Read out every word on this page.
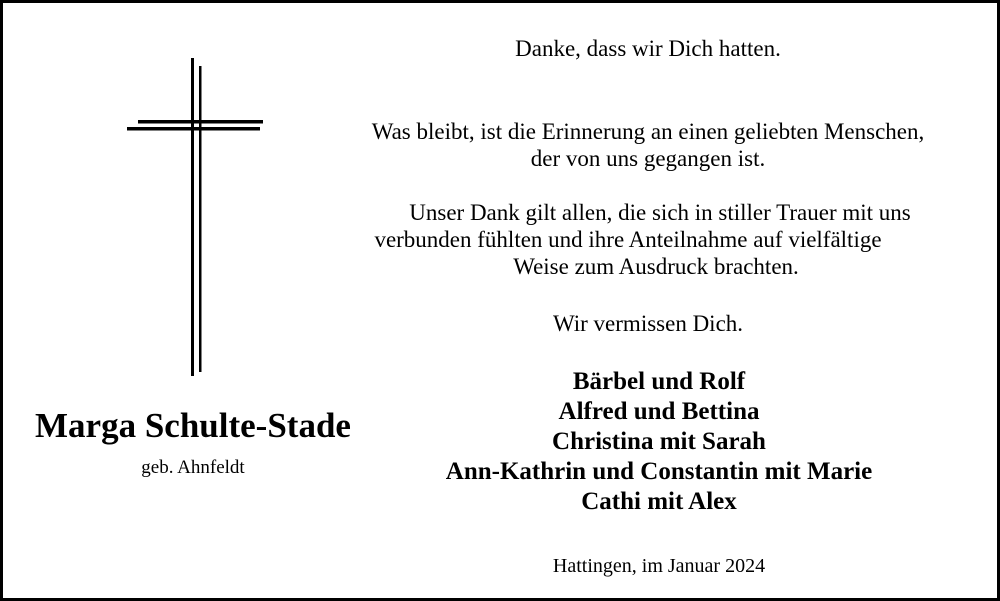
Marga Schulte-Stade
geb. Ahnfeldt
Danke, dass wir Dich hatten.
Was bleibt, ist die Erinnerung an einen geliebten Menschen,
der von uns gegangen ist.
Unser Dank gilt allen, die sich in stiller Trauer mit uns
verbunden fühlten und ihre Anteilnahme auf vielfältige
Weise zum Ausdruck brachten.
Wir vermissen Dich.
Bärbel und Rolf
Alfred und Bettina
Christina mit Sarah
Ann-Kathrin und Constantin mit Marie
Cathi mit Alex
Hattingen, im Januar 2024
